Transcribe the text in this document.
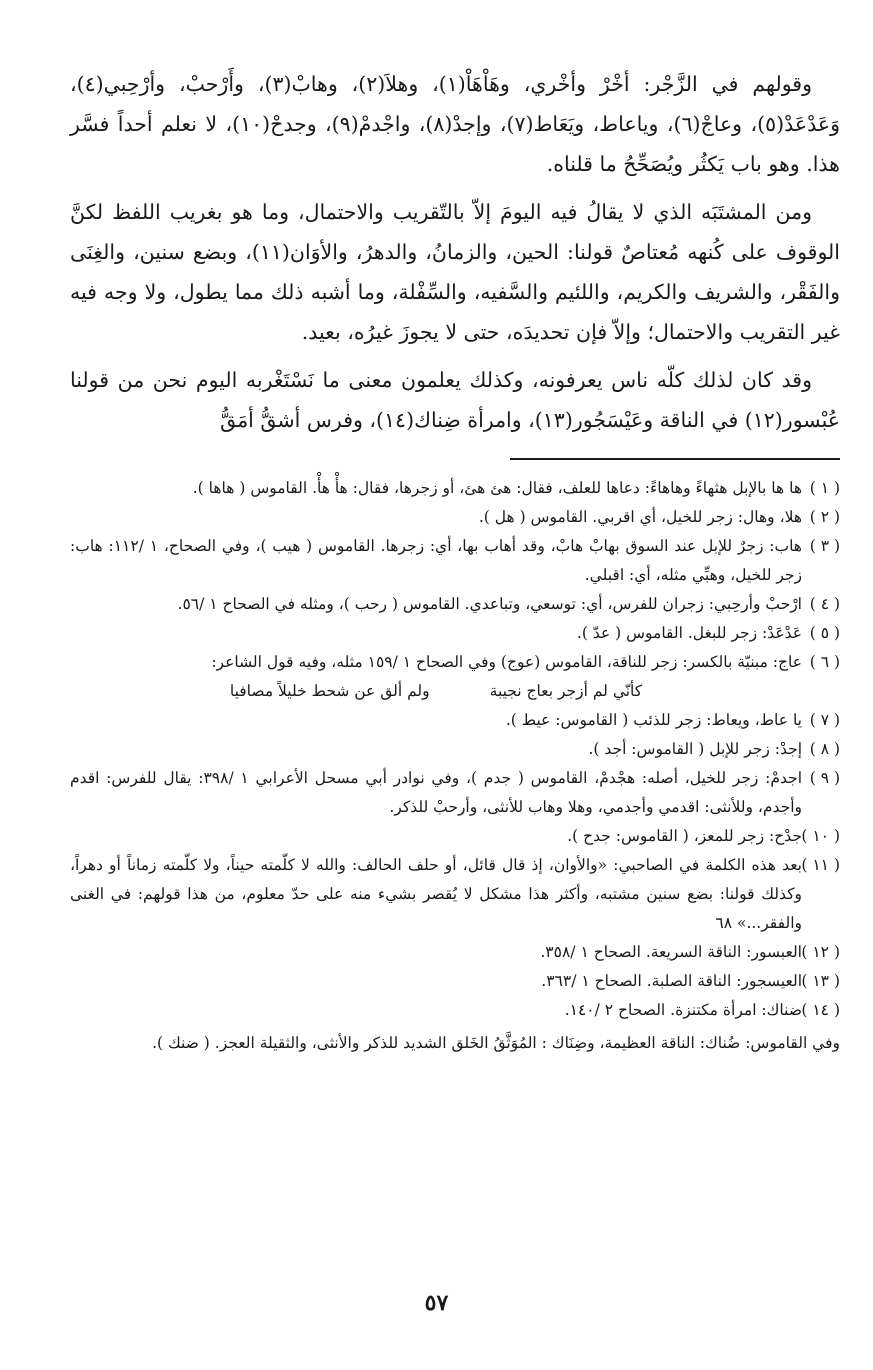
وقولهم في الزَّجْر: أخْرْ وأخْري، وهَاْهَاْ(١)، وهلاَ(٢)، وهابْ(٣)، وأَرْحبْ، وأرْحِبي(٤)، وَعَدْعَدْ(٥)، وعاجْ(٦)، وياعاط، ويَعَاط(٧)، وإجدْ(٨)، واجْدمْ(٩)، وجدحْ(١٠)، لا نعلم أحداً فسَّر هذا. وهو باب يَكثُر ويُصَحِّحُ ما قلناه.

ومن المشتَبَه الذي لا يقالُ فيه اليومَ إلاّ بالتّقريب والاحتمال، وما هو بغريب اللفظ لكنَّ الوقوف على كُنهه مُعتاصٌ قولنا: الحين، والزمانُ، والدهرُ، والأوَان(١١)، وبضع سنين، والغِنَى والفَقْر، والشريف والكريم، واللئيم والسَّفيه، والسِّفْلة، وما أشبه ذلك مما يطول، ولا وجه فيه غير التقريب والاحتمال؛ وإلاّ فإن تحديدَه، حتى لا يجوزَ غيرُه، بعيد.

وقد كان لذلك كلّه ناس يعرفونه، وكذلك يعلمون معنى ما نَسْتَغْربه اليوم نحن من قولنا عُبْسور(١٢) في الناقة وعَيْسَجُور(١٣)، وامرأة ضِناك(١٤)، وفرس أشقُّ أمَقُّ

( ١ )
ها ها بالإبل هثهاءً وهاهاءً: دعاها للعلف، فقال: هئ هئ، أو زجرها، فقال: هأْ هأْ. القاموس ( هاها ).
( ٢ )
هلا، وهال: زجر للخيل، أي اقربي. القاموس ( هل ).
( ٣ )
هاب: زجرٌ للإبل عند السوق بهابْ هابْ، وقد أهاب بها، أي: زجرها. القاموس ( هيب )، وفي الصحاح، ١ /١١٢: هاب: زجر للخيل، وهبِّي مثله، أي: اقبلي.
( ٤ )
ارْحبْ وأرحِبي: زجران للفرس، أي: توسعي، وتباعدي. القاموس ( رحب )، ومثله في الصحاح ١ /٥٦.
( ٥ )
عَدْعَدْ: زجر للبغل. القاموس ( عدّ ).
( ٦ )
عاج: مبنيّة بالكسر: زجر للناقة، القاموس (عوج) وفي الصحاح ١ /١٥٩ مثله، وفيه قول الشاعر:
كأنّي لم أزجر بعاج نجيبة
ولم ألق عن شحط خليلاً مصافيا
( ٧ )
يا عاط، ويعاط: زجر للذئب ( القاموس: عيط ).
( ٨ )
إجدْ: زجر للإبل ( القاموس: أجد ).
( ٩ )
اجدمْ: زجر للخيل، أصله: هجْدمْ، القاموس ( جدم )، وفي نوادر أبي مسحل الأعرابي ١ /٣٩٨: يقال للفرس: اقدم وأجدم، وللأنثى: اقدمي وأجدمي، وهلا وهاب للأنثى، وأرحبْ للذكر.
( ١٠ )
جدْح: زجر للمعز، ( القاموس: جدح ).
( ١١ )
بعد هذه الكلمة في الصاحبي: «والأوان، إذ قال قائل، أو حلف الحالف: والله لا كلّمته حيناً، ولا كلّمته زماناً أو دهراً، وكذلك قولنا: بضع سنين مشتبه، وأكثر هذا مشكل لا يُقصر بشيء منه على حدّ معلوم، من هذا قولهم: في الغنى والفقر...» ٦٨
( ١٢ )
العبسور: الناقة السريعة. الصحاح ١ /٣٥٨.
( ١٣ )
العيسجور: الناقة الصلبة. الصحاح ١ /٣٦٣.
( ١٤ )
ضناك: امرأة مكتنزة. الصحاح ٢ /١٤٠.
وفي القاموس: ضُناك: الناقة العظيمة، وضِنَاك : المُوَثَّقُ الخَلق الشديد للذكر والأنثى، والثقيلة العجز. ( ضنك ).
٥٧
